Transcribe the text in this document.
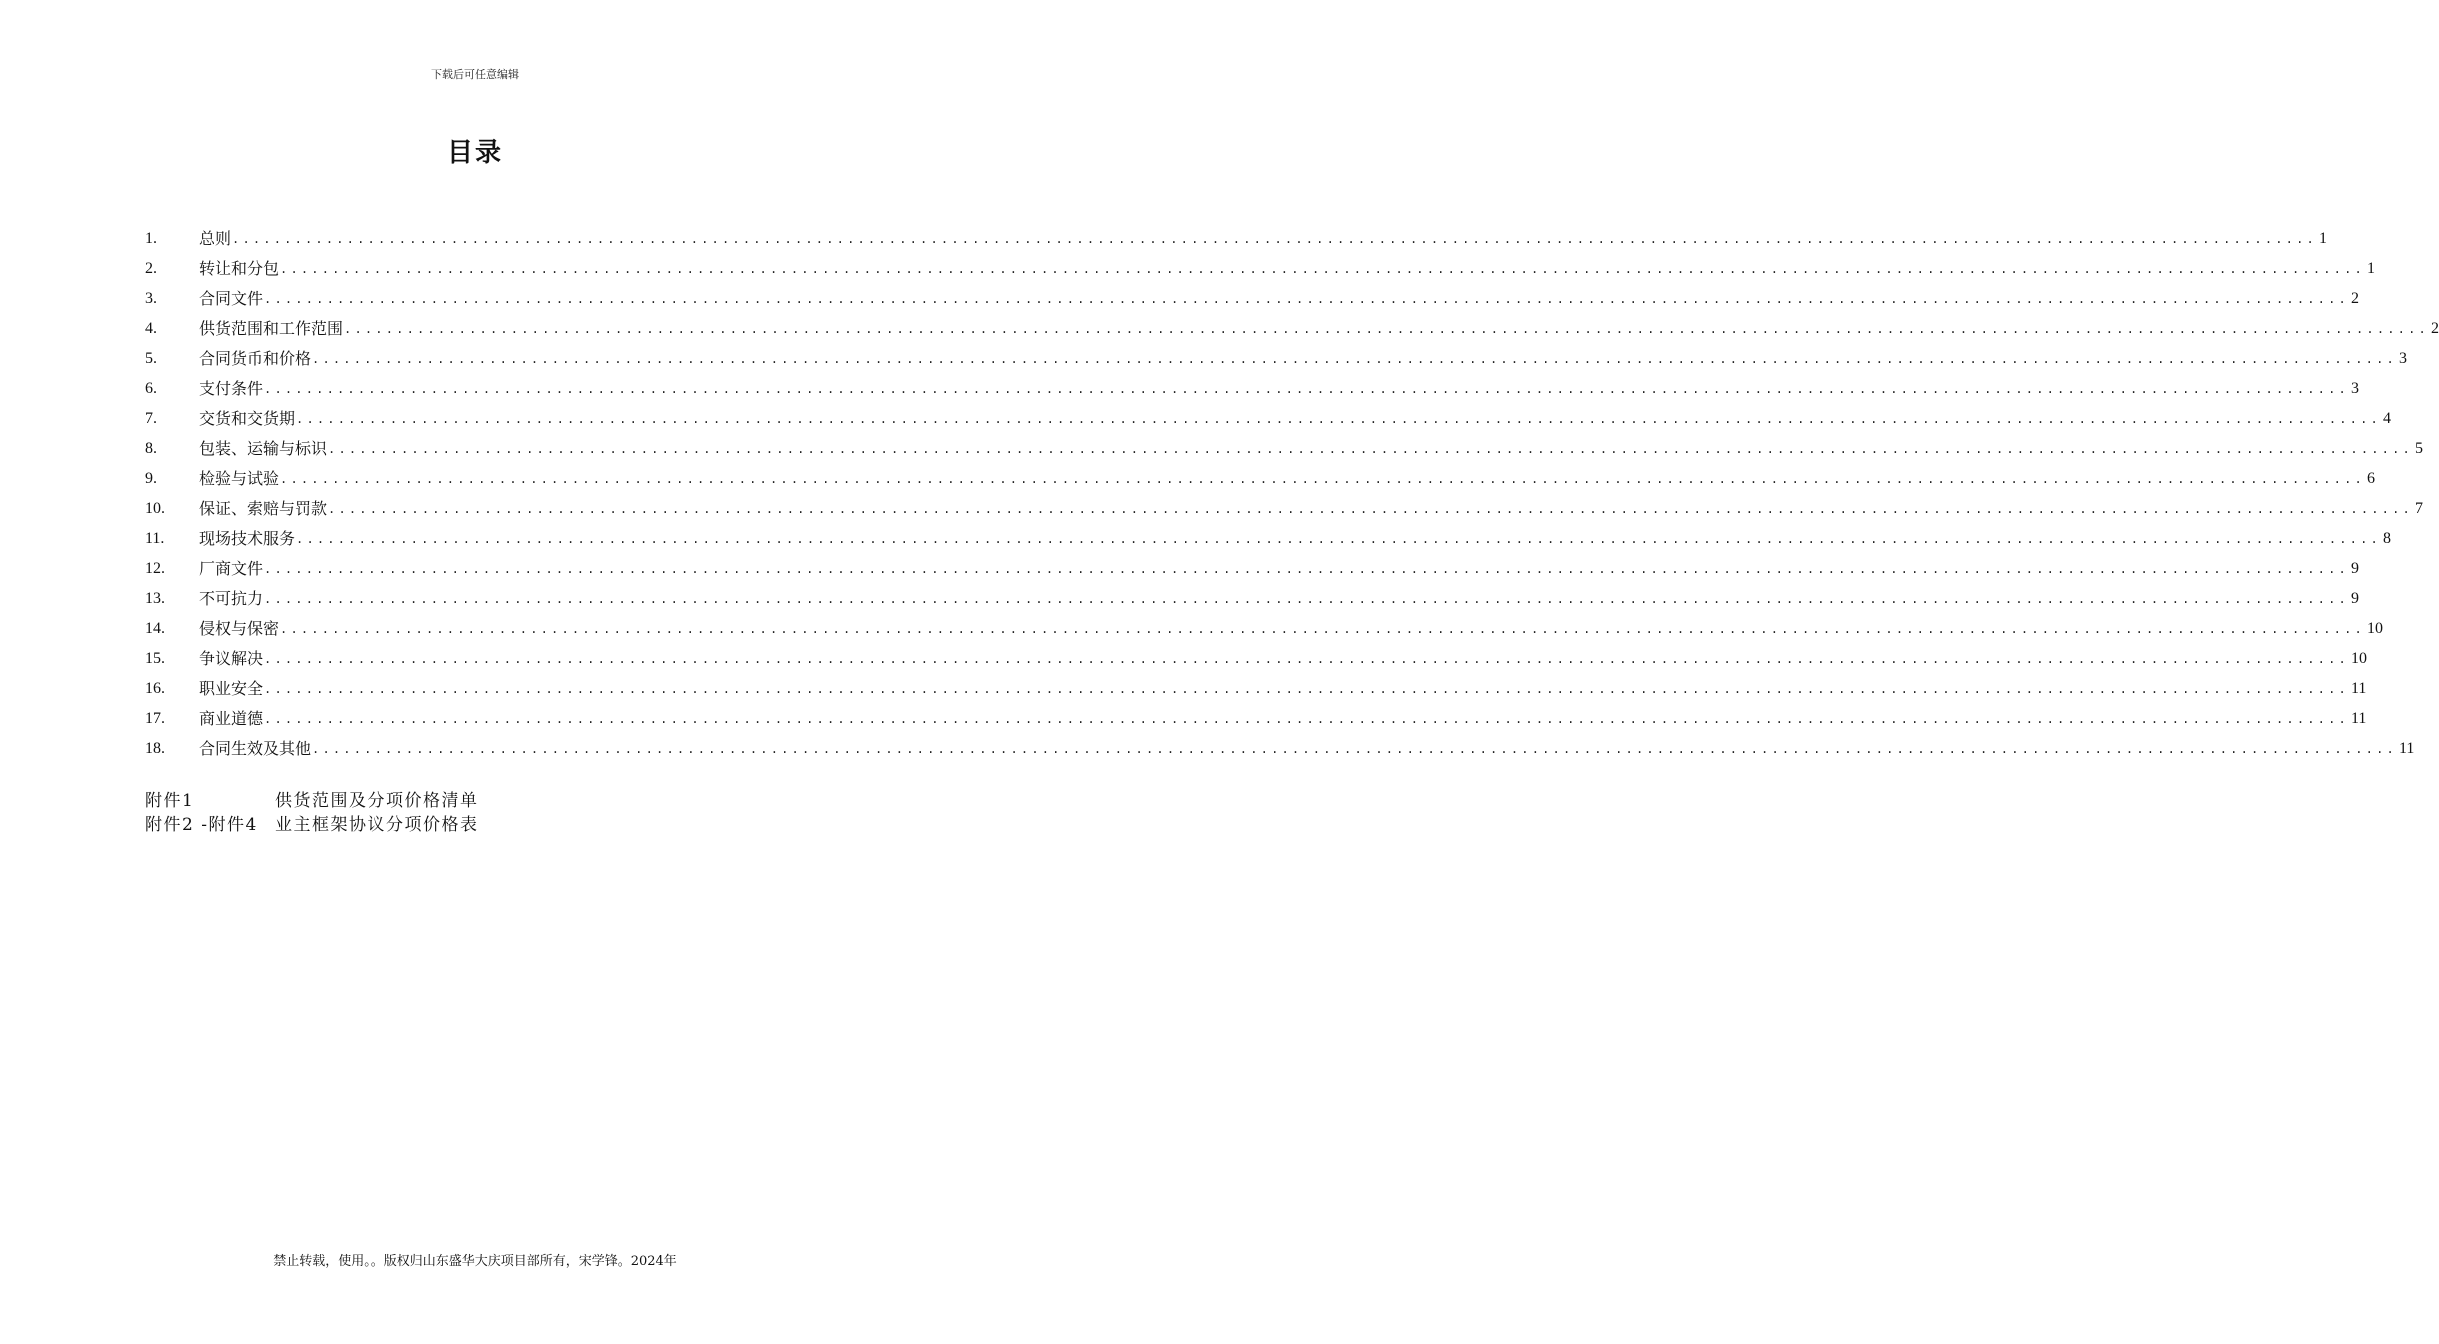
下载后可任意编辑
目录
1.	总则 ........................................................................................................................................................................................................ 1
2.	转让和分包 ........................................................................................................................................................................................................ 1
3.	合同文件 ........................................................................................................................................................................................................ 2
4.	供货范围和工作范围 ........................................................................................................................................................................................................ 2
5.	合同货币和价格 ........................................................................................................................................................................................................ 3
6.	支付条件 ........................................................................................................................................................................................................ 3
7.	交货和交货期 ........................................................................................................................................................................................................ 4
8.	包装、运输与标识 ........................................................................................................................................................................................................ 5
9.	检验与试验 ........................................................................................................................................................................................................ 6
10.	保证、索赔与罚款 ........................................................................................................................................................................................................ 7
11.	现场技术服务 ........................................................................................................................................................................................................ 8
12.	厂商文件 ........................................................................................................................................................................................................ 9
13.	不可抗力 ........................................................................................................................................................................................................ 9
14.	侵权与保密 ........................................................................................................................................................................................................ 10
15.	争议解决 ........................................................................................................................................................................................................ 10
16.	职业安全 ........................................................................................................................................................................................................ 11
17.	商业道德 ........................................................................................................................................................................................................ 11
18.	合同生效及其他 ........................................................................................................................................................................................................ 11
附件1	供货范围及分项价格清单
附件2 -附件4 业主框架协议分项价格表
禁止转载，使用。。版权归山东盛华大庆项目部所有，宋学锋。2024年
